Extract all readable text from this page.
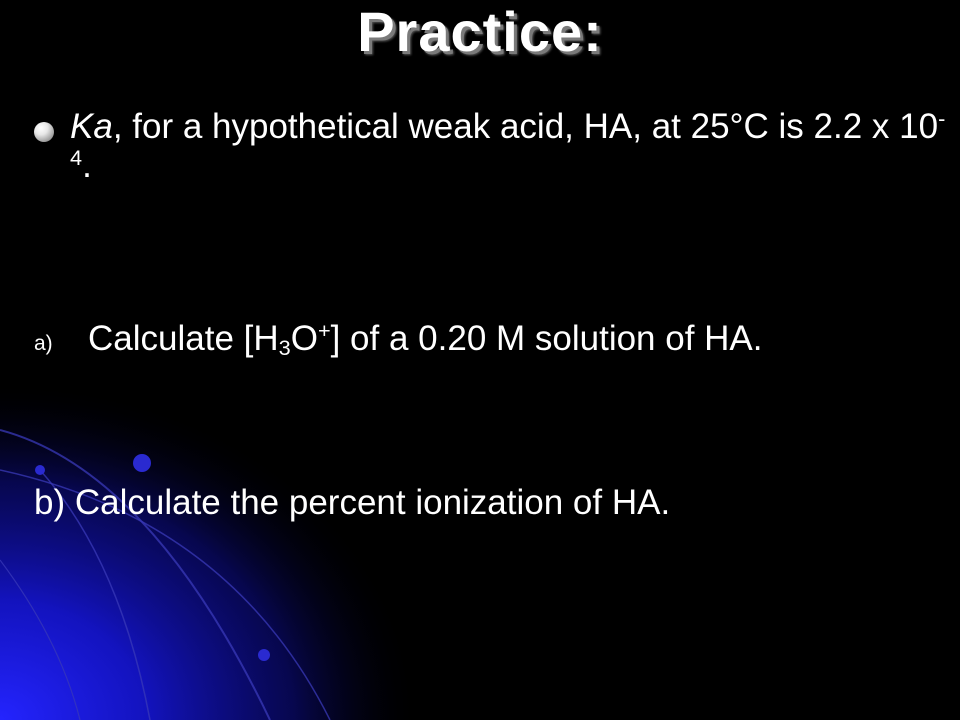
Practice:
Ka, for a hypothetical weak acid, HA, at 25°C is 2.2 x $10^{-4}$.
a) Calculate $[H_3O^+]$ of a 0.20 M solution of HA.
b) Calculate the percent ionization of HA.
